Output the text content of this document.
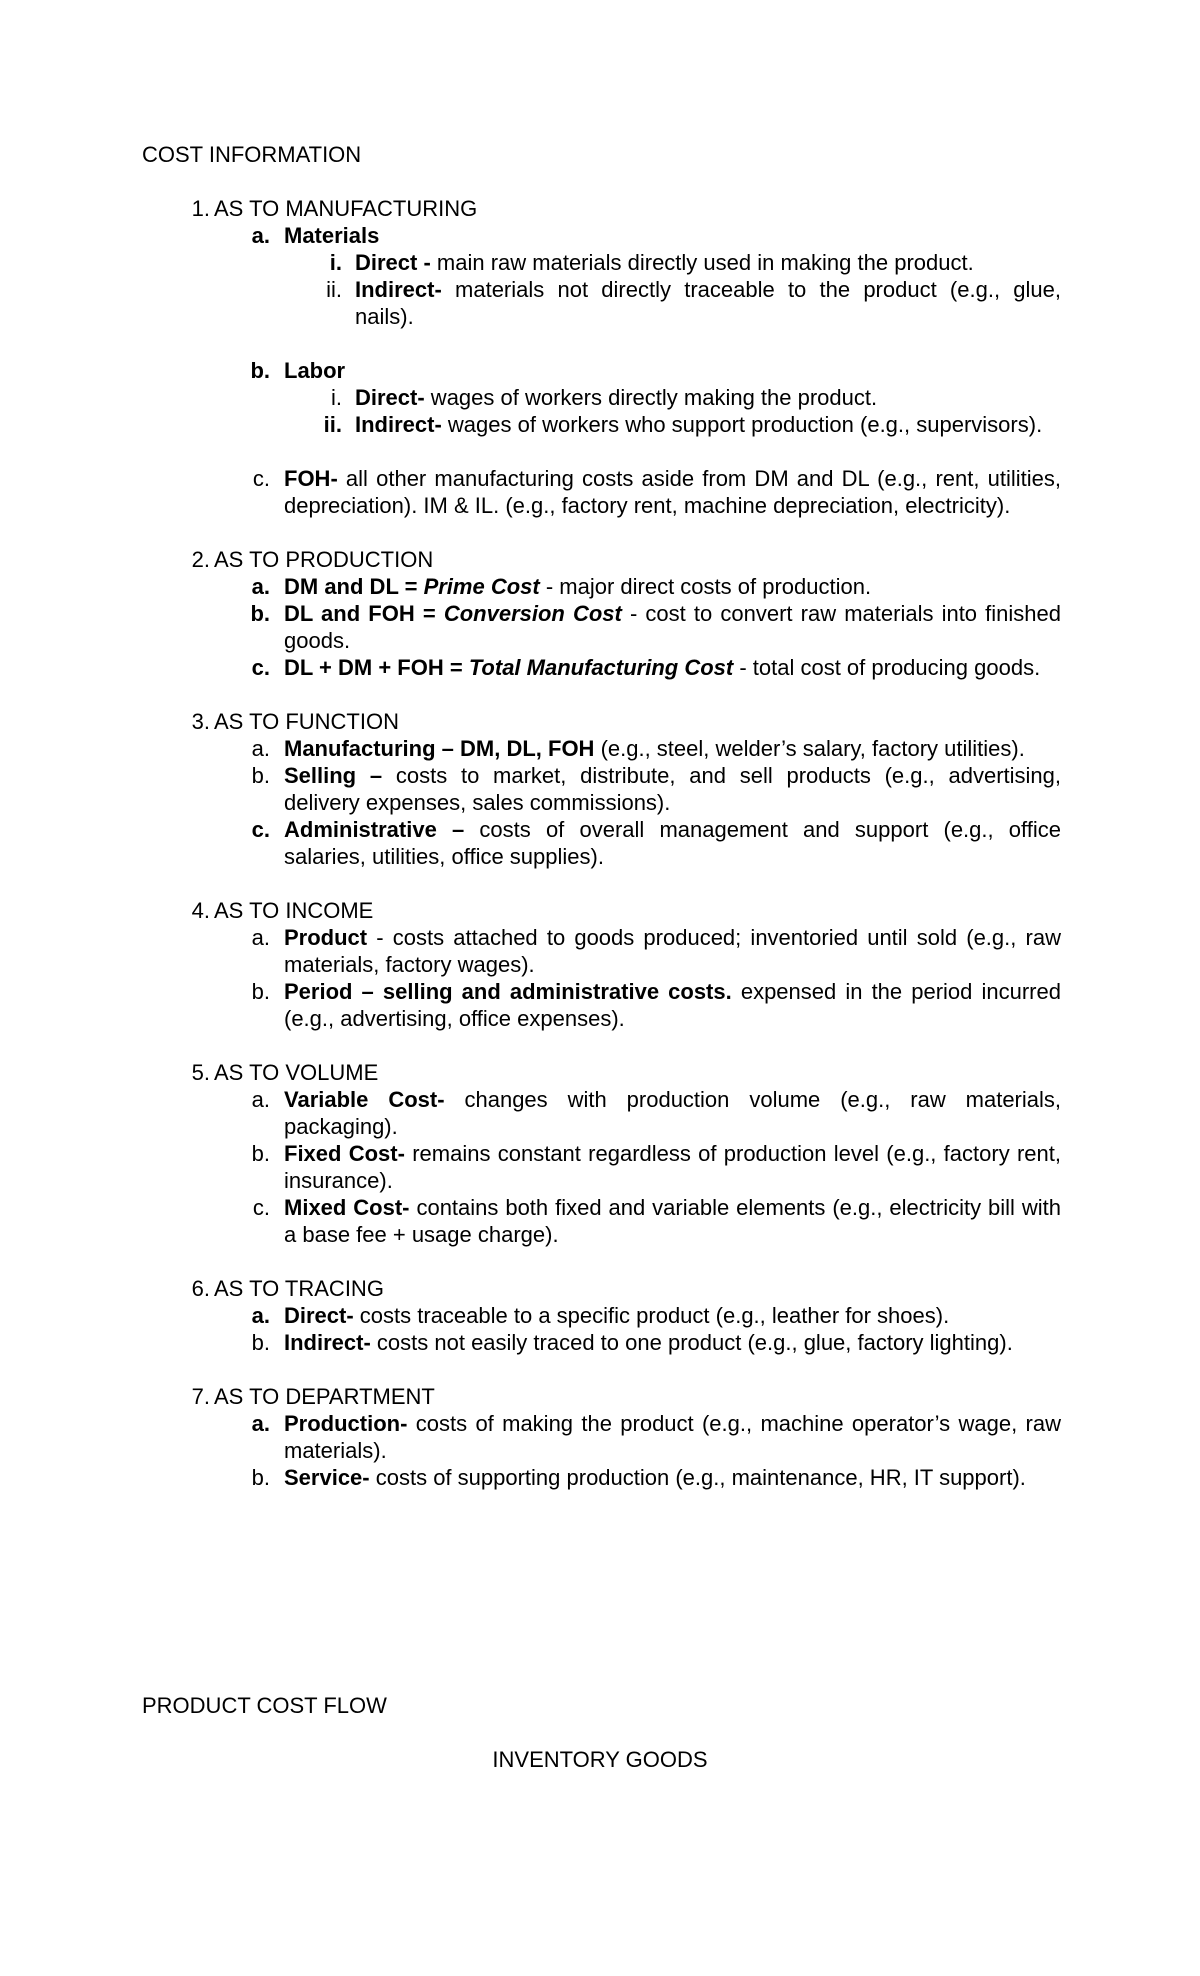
COST INFORMATION
1. AS TO MANUFACTURING
a. Materials
i. Direct - main raw materials directly used in making the product.
ii. Indirect- materials not directly traceable to the product (e.g., glue, nails).
b. Labor
i. Direct- wages of workers directly making the product.
ii. Indirect- wages of workers who support production (e.g., supervisors).
c. FOH- all other manufacturing costs aside from DM and DL (e.g., rent, utilities, depreciation). IM & IL. (e.g., factory rent, machine depreciation, electricity).
2. AS TO PRODUCTION
a. DM and DL = Prime Cost - major direct costs of production.
b. DL and FOH = Conversion Cost - cost to convert raw materials into finished goods.
c. DL + DM + FOH = Total Manufacturing Cost - total cost of producing goods.
3. AS TO FUNCTION
a. Manufacturing – DM, DL, FOH (e.g., steel, welder’s salary, factory utilities).
b. Selling – costs to market, distribute, and sell products (e.g., advertising, delivery expenses, sales commissions).
c. Administrative – costs of overall management and support (e.g., office salaries, utilities, office supplies).
4. AS TO INCOME
a. Product - costs attached to goods produced; inventoried until sold (e.g., raw materials, factory wages).
b. Period – selling and administrative costs. expensed in the period incurred (e.g., advertising, office expenses).
5. AS TO VOLUME
a. Variable Cost- changes with production volume (e.g., raw materials, packaging).
b. Fixed Cost- remains constant regardless of production level (e.g., factory rent, insurance).
c. Mixed Cost- contains both fixed and variable elements (e.g., electricity bill with a base fee + usage charge).
6. AS TO TRACING
a. Direct- costs traceable to a specific product (e.g., leather for shoes).
b. Indirect- costs not easily traced to one product (e.g., glue, factory lighting).
7. AS TO DEPARTMENT
a. Production- costs of making the product (e.g., machine operator’s wage, raw materials).
b. Service- costs of supporting production (e.g., maintenance, HR, IT support).
PRODUCT COST FLOW
INVENTORY GOODS
